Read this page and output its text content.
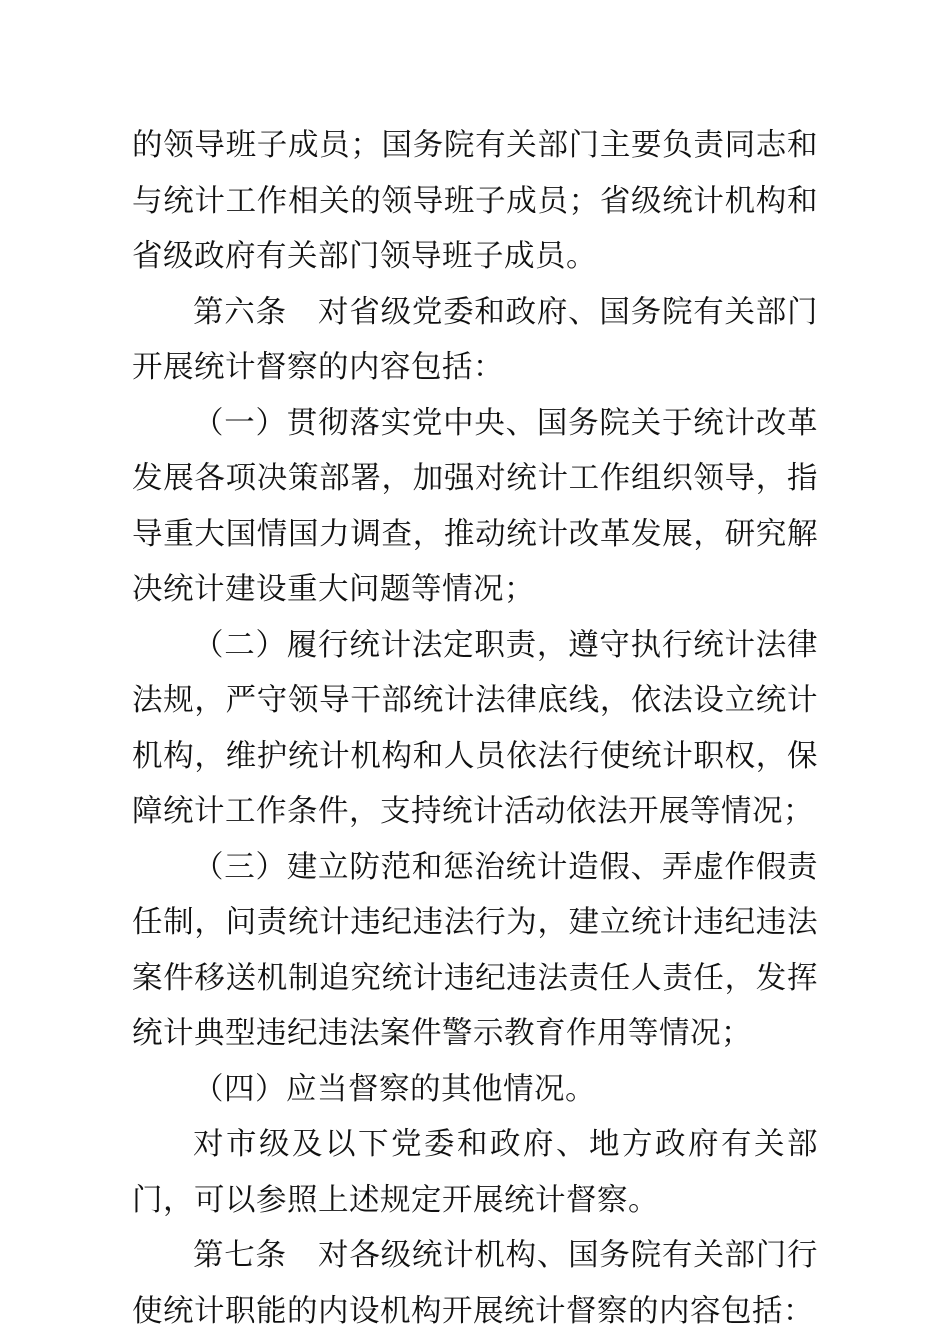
的领导班子成员；国务院有关部门主要负责同志和与统计工作相关的领导班子成员；省级统计机构和省级政府有关部门领导班子成员。

第六条　对省级党委和政府、国务院有关部门开展统计督察的内容包括：

（一）贯彻落实党中央、国务院关于统计改革发展各项决策部署，加强对统计工作组织领导，指导重大国情国力调查，推动统计改革发展，研究解决统计建设重大问题等情况；

（二）履行统计法定职责，遵守执行统计法律法规，严守领导干部统计法律底线，依法设立统计机构，维护统计机构和人员依法行使统计职权，保障统计工作条件，支持统计活动依法开展等情况；

（三）建立防范和惩治统计造假、弄虚作假责任制，问责统计违纪违法行为，建立统计违纪违法案件移送机制追究统计违纪违法责任人责任，发挥统计典型违纪违法案件警示教育作用等情况；

（四）应当督察的其他情况。

对市级及以下党委和政府、地方政府有关部门，可以参照上述规定开展统计督察。

第七条　对各级统计机构、国务院有关部门行使统计职能的内设机构开展统计督察的内容包括：
